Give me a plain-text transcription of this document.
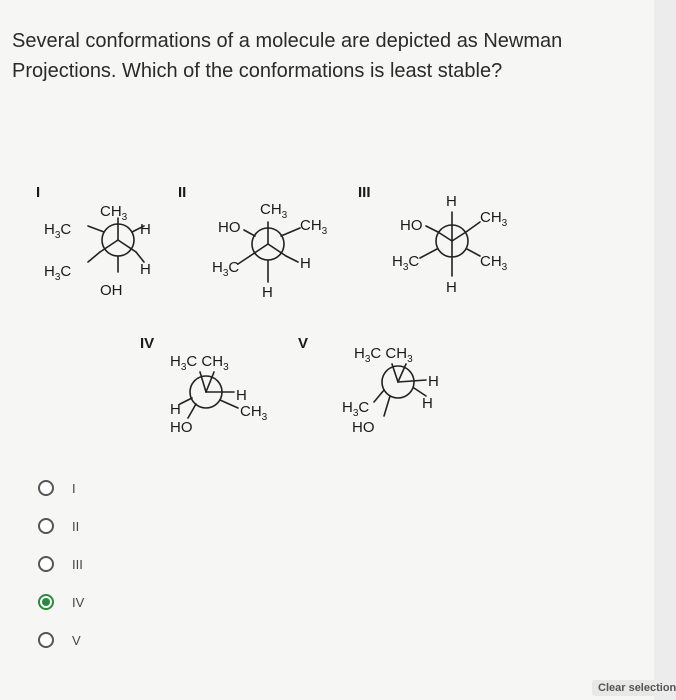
Several conformations of a molecule are depicted as Newman
Projections. Which of the conformations is least stable?
I
$CH_3$
$H_3C$	H
$H_3C$	H
OH
II
$CH_3$
HO	$CH_3$
$H_3C$	H
H
III
H
HO	$CH_3$
$H_3C$	$CH_3$
H
IV
$H_3C$ $CH_3$
H
$CH_3$
H
HO
V
$H_3C$ $CH_3$
H
H
$H_3C$
HO
I
II
III
IV
V
Clear selection
